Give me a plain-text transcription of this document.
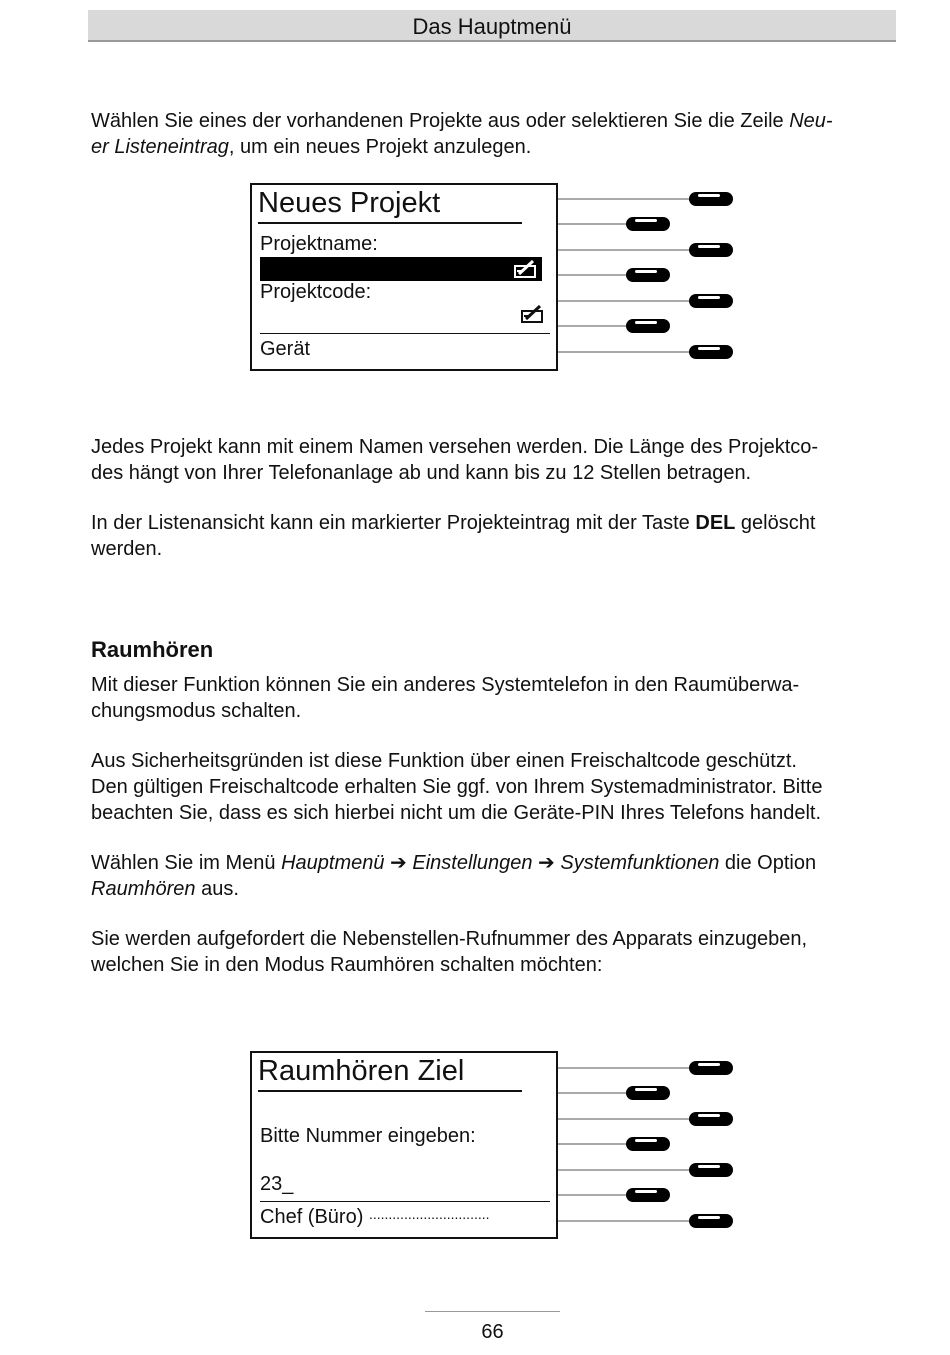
Das Hauptmenü

Wählen Sie eines der vorhandenen Projekte aus oder selektieren Sie die Zeile Neu-
er Listeneintrag, um ein neues Projekt anzulegen.

Neues Projekt
Projektname:
Projektcode:
Gerät

Jedes Projekt kann mit einem Namen versehen werden. Die Länge des Projektco-
des hängt von Ihrer Telefonanlage ab und kann bis zu 12 Stellen betragen.

In der Listenansicht kann ein markierter Projekteintrag mit der Taste DEL gelöscht
werden.

Raumhören

Mit dieser Funktion können Sie ein anderes Systemtelefon in den Raumüberwa-
chungsmodus schalten.

Aus Sicherheitsgründen ist diese Funktion über einen Freischaltcode geschützt.
Den gültigen Freischaltcode erhalten Sie ggf. von Ihrem Systemadministrator. Bitte
beachten Sie, dass es sich hierbei nicht um die Geräte-PIN Ihres Telefons handelt.

Wählen Sie im Menü Hauptmenü ➔ Einstellungen ➔ Systemfunktionen die Option
Raumhören aus.

Sie werden aufgefordert die Nebenstellen-Rufnummer des Apparats einzugeben,
welchen Sie in den Modus Raumhören schalten möchten:

Raumhören Ziel
Bitte Nummer eingeben:
23_
Chef (Büro) ...............................
66
